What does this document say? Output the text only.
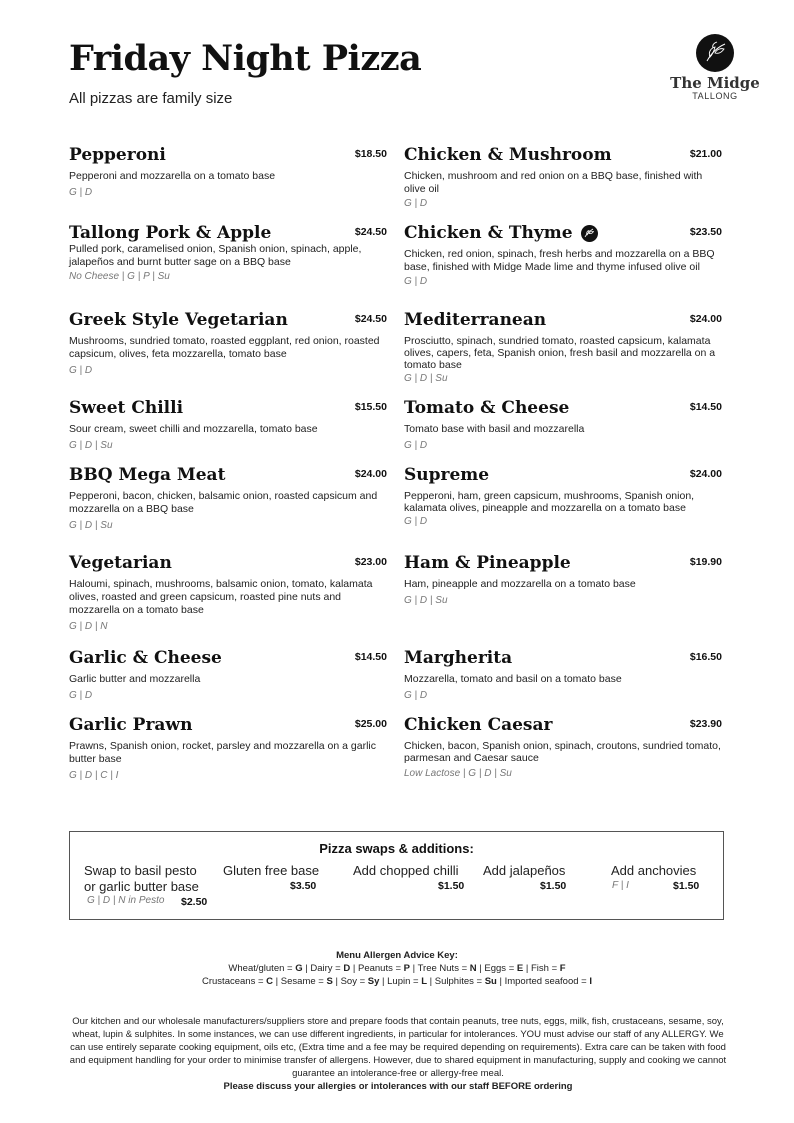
Friday Night Pizza
All pizzas are family size
The Midge
TALLONG
Pepperoni	$18.50
Pepperoni and mozzarella on a tomato base
G | D
Tallong Pork & Apple	$24.50
Pulled pork, caramelised onion, Spanish onion, spinach, apple, jalapeños and burnt butter sage on a BBQ base
No Cheese | G | P | Su
Greek Style Vegetarian	$24.50
Mushrooms, sundried tomato, roasted eggplant, red onion, roasted capsicum, olives, feta mozzarella, tomato base
G | D
Sweet Chilli	$15.50
Sour cream, sweet chilli and mozzarella, tomato base
G | D | Su
BBQ Mega Meat	$24.00
Pepperoni, bacon, chicken, balsamic onion, roasted capsicum and mozzarella on a BBQ base
G | D | Su
Vegetarian	$23.00
Haloumi, spinach, mushrooms, balsamic onion, tomato, kalamata olives, roasted and green capsicum, roasted pine nuts and mozzarella on a tomato base
G | D | N
Garlic & Cheese	$14.50
Garlic butter and mozzarella
G | D
Garlic Prawn	$25.00
Prawns, Spanish onion, rocket, parsley and mozzarella on a garlic butter base
G | D | C | I
Chicken & Mushroom	$21.00
Chicken, mushroom and red onion on a BBQ base, finished with olive oil
G | D
Chicken & Thyme	$23.50
Chicken, red onion, spinach, fresh herbs and mozzarella on a BBQ base, finished with Midge Made lime and thyme infused olive oil
G | D
Mediterranean	$24.00
Prosciutto, spinach, sundried tomato, roasted capsicum, kalamata olives, capers, feta, Spanish onion, fresh basil and mozzarella on a tomato base
G | D | Su
Tomato & Cheese	$14.50
Tomato base with basil and mozzarella
G | D
Supreme	$24.00
Pepperoni, ham, green capsicum, mushrooms, Spanish onion, kalamata olives, pineapple and mozzarella on a tomato base
G | D
Ham & Pineapple	$19.90
Ham, pineapple and mozzarella on a tomato base
G | D | Su
Margherita	$16.50
Mozzarella, tomato and basil on a tomato base
G | D
Chicken Caesar	$23.90
Chicken, bacon, Spanish onion, spinach, croutons, sundried tomato, parmesan and Caesar sauce
Low Lactose | G | D | Su
Pizza swaps & additions:
Swap to basil pesto
or garlic butter base
G | D | N in Pesto $2.50
Gluten free base
$3.50
Add chopped chilli
$1.50
Add jalapeños
$1.50
Add anchovies
F | I	$1.50
Menu Allergen Advice Key:
Wheat/gluten = G | Dairy = D | Peanuts = P | Tree Nuts = N | Eggs = E | Fish = F
Crustaceans = C | Sesame = S | Soy = Sy | Lupin = L | Sulphites = Su | Imported seafood = I
Our kitchen and our wholesale manufacturers/suppliers store and prepare foods that contain peanuts, tree nuts, eggs, milk, fish, crustaceans, sesame, soy, wheat, lupin & sulphites. In some instances, we can use different ingredients, in particular for intolerances. YOU must advise our staff of any ALLERGY. We can use entirely separate cooking equipment, oils etc, (Extra time and a fee may be required depending on requirements). Extra care can be taken with food and equipment handling for your order to minimise transfer of allergens. However, due to shared equipment in manufacturing, supply and cooking we cannot guarantee an intolerance-free or allergy-free meal.
Please discuss your allergies or intolerances with our staff BEFORE ordering
